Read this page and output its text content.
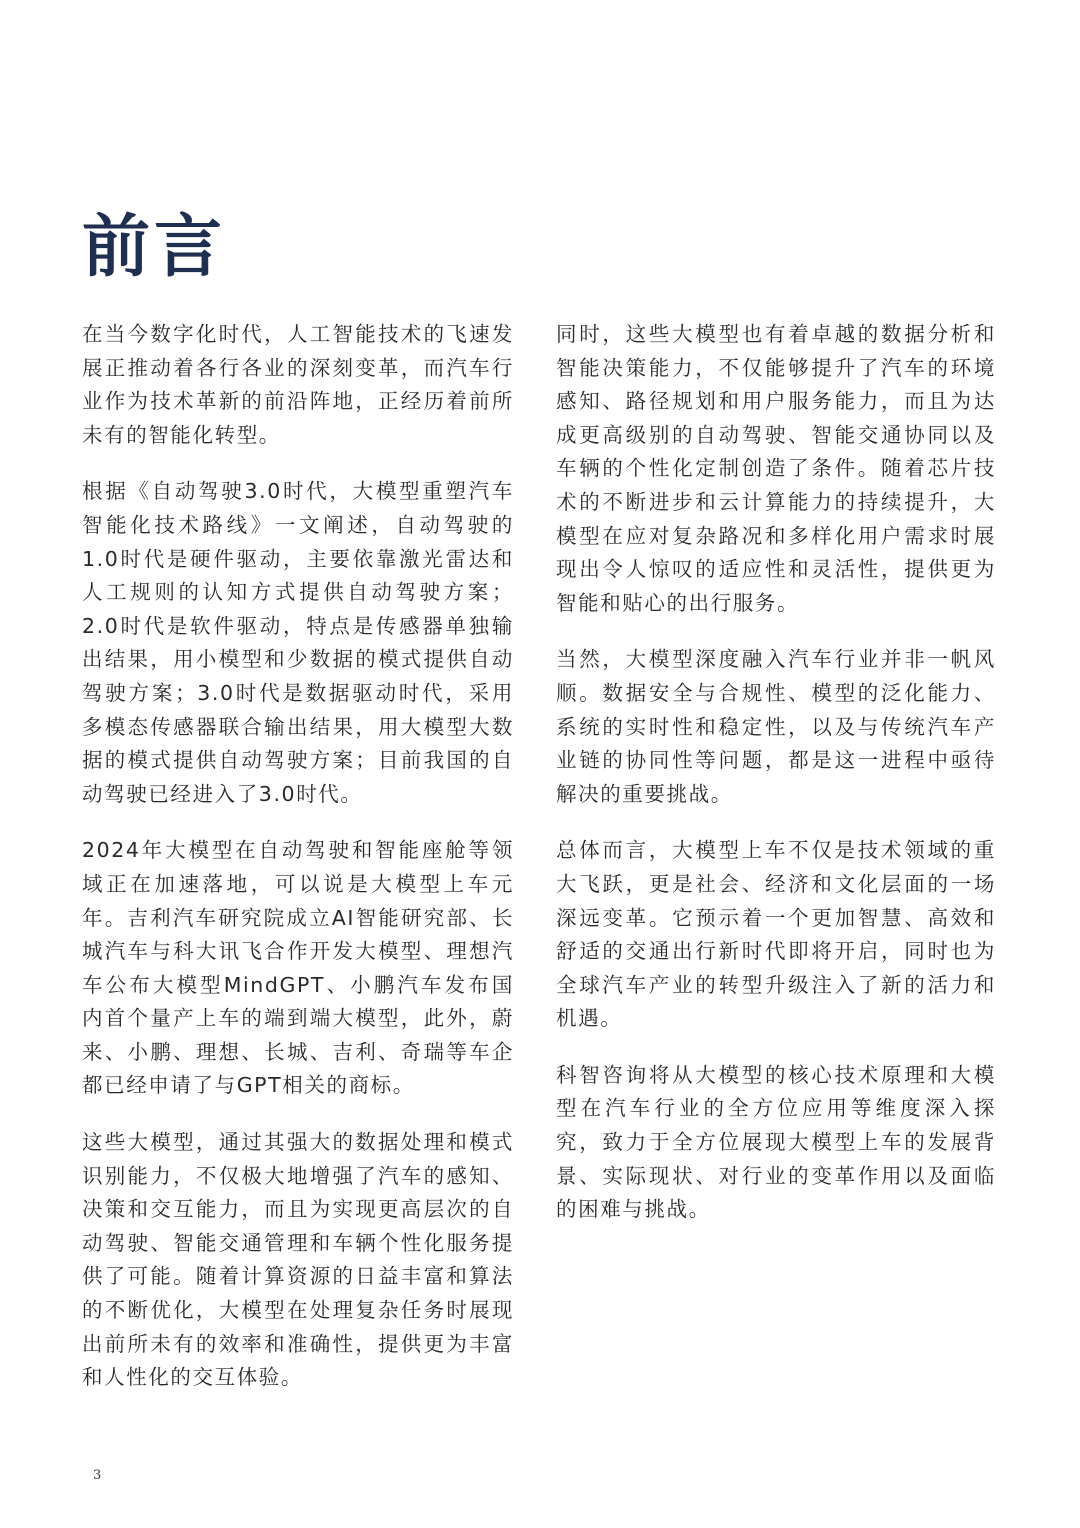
前言

在当今数字化时代，人工智能技术的飞速发展正推动着各行各业的深刻变革，而汽车行业作为技术革新的前沿阵地，正经历着前所未有的智能化转型。

根据《自动驾驶3.0时代，大模型重塑汽车智能化技术路线》一文阐述，自动驾驶的1.0时代是硬件驱动，主要依靠激光雷达和人工规则的认知方式提供自动驾驶方案；2.0时代是软件驱动，特点是传感器单独输出结果，用小模型和少数据的模式提供自动驾驶方案；3.0时代是数据驱动时代，采用多模态传感器联合输出结果，用大模型大数据的模式提供自动驾驶方案；目前我国的自动驾驶已经进入了3.0时代。

2024年大模型在自动驾驶和智能座舱等领域正在加速落地，可以说是大模型上车元年。吉利汽车研究院成立AI智能研究部、长城汽车与科大讯飞合作开发大模型、理想汽车公布大模型MindGPT、小鹏汽车发布国内首个量产上车的端到端大模型，此外，蔚来、小鹏、理想、长城、吉利、奇瑞等车企都已经申请了与GPT相关的商标。

这些大模型，通过其强大的数据处理和模式识别能力，不仅极大地增强了汽车的感知、决策和交互能力，而且为实现更高层次的自动驾驶、智能交通管理和车辆个性化服务提供了可能。随着计算资源的日益丰富和算法的不断优化，大模型在处理复杂任务时展现出前所未有的效率和准确性，提供更为丰富和人性化的交互体验。

同时，这些大模型也有着卓越的数据分析和智能决策能力，不仅能够提升了汽车的环境感知、路径规划和用户服务能力，而且为达成更高级别的自动驾驶、智能交通协同以及车辆的个性化定制创造了条件。随着芯片技术的不断进步和云计算能力的持续提升，大模型在应对复杂路况和多样化用户需求时展现出令人惊叹的适应性和灵活性，提供更为智能和贴心的出行服务。

当然，大模型深度融入汽车行业并非一帆风顺。数据安全与合规性、模型的泛化能力、系统的实时性和稳定性，以及与传统汽车产业链的协同性等问题，都是这一进程中亟待解决的重要挑战。

总体而言，大模型上车不仅是技术领域的重大飞跃，更是社会、经济和文化层面的一场深远变革。它预示着一个更加智慧、高效和舒适的交通出行新时代即将开启，同时也为全球汽车产业的转型升级注入了新的活力和机遇。

科智咨询将从大模型的核心技术原理和大模型在汽车行业的全方位应用等维度深入探究，致力于全方位展现大模型上车的发展背景、实际现状、对行业的变革作用以及面临的困难与挑战。

3
